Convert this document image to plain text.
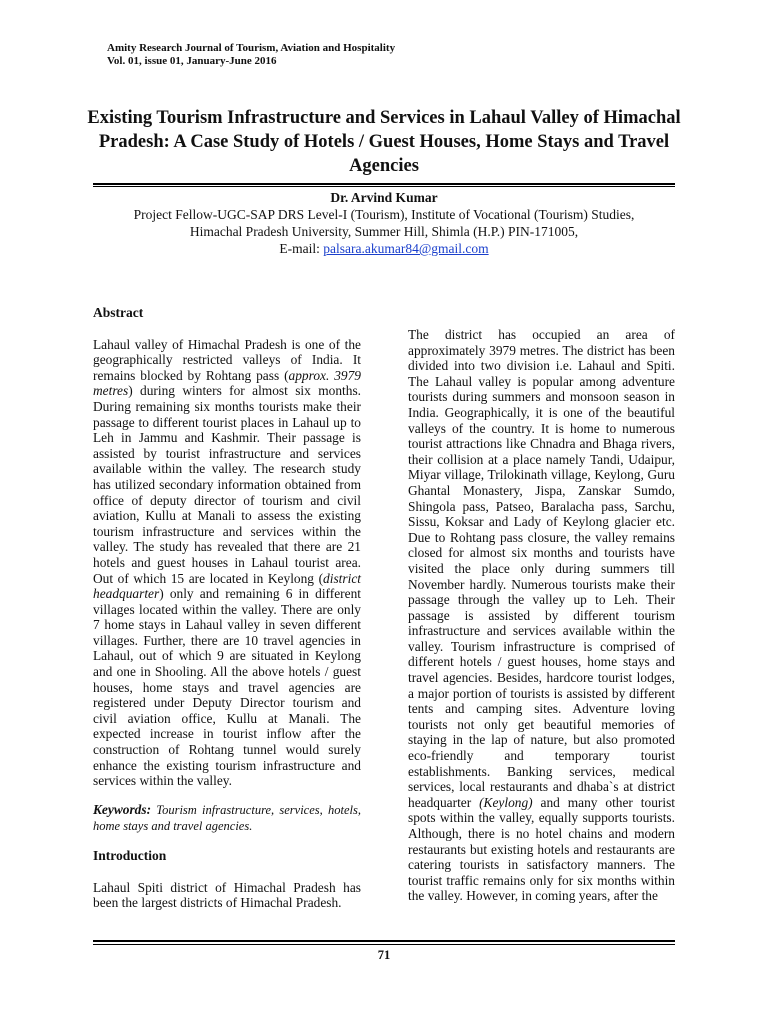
Amity Research Journal of Tourism, Aviation and Hospitality
Vol. 01, issue 01, January-June 2016
Existing Tourism Infrastructure and Services in Lahaul Valley of Himachal Pradesh: A Case Study of Hotels / Guest Houses, Home Stays and Travel Agencies
Dr. Arvind Kumar
Project Fellow-UGC-SAP DRS Level-I (Tourism), Institute of Vocational (Tourism) Studies,
Himachal Pradesh University, Summer Hill, Shimla (H.P.) PIN-171005,
E-mail: palsara.akumar84@gmail.com

Abstract

Lahaul valley of Himachal Pradesh is one of the geographically restricted valleys of India. It remains blocked by Rohtang pass (approx. 3979 metres) during winters for almost six months. During remaining six months tourists make their passage to different tourist places in Lahaul up to Leh in Jammu and Kashmir. Their passage is assisted by tourist infrastructure and services available within the valley. The research study has utilized secondary information obtained from office of deputy director of tourism and civil aviation, Kullu at Manali to assess the existing tourism infrastructure and services within the valley. The study has revealed that there are 21 hotels and guest houses in Lahaul tourist area. Out of which 15 are located in Keylong (district headquarter) only and remaining 6 in different villages located within the valley. There are only 7 home stays in Lahaul valley in seven different villages. Further, there are 10 travel agencies in Lahaul, out of which 9 are situated in Keylong and one in Shooling. All the above hotels / guest houses, home stays and travel agencies are registered under Deputy Director tourism and civil aviation office, Kullu at Manali. The expected increase in tourist inflow after the construction of Rohtang tunnel would surely enhance the existing tourism infrastructure and services within the valley.

Keywords: Tourism infrastructure, services, hotels, home stays and travel agencies.

Introduction

Lahaul Spiti district of Himachal Pradesh has been the largest districts of Himachal Pradesh.

The district has occupied an area of approximately 3979 metres. The district has been divided into two division i.e. Lahaul and Spiti. The Lahaul valley is popular among adventure tourists during summers and monsoon season in India. Geographically, it is one of the beautiful valleys of the country. It is home to numerous tourist attractions like Chnadra and Bhaga rivers, their collision at a place namely Tandi, Udaipur, Miyar village, Trilokinath village, Keylong, Guru Ghantal Monastery, Jispa, Zanskar Sumdo, Shingola pass, Patseo, Baralacha pass, Sarchu, Sissu, Koksar and Lady of Keylong glacier etc. Due to Rohtang pass closure, the valley remains closed for almost six months and tourists have visited the place only during summers till November hardly. Numerous tourists make their passage through the valley up to Leh. Their passage is assisted by different tourism infrastructure and services available within the valley. Tourism infrastructure is comprised of different hotels / guest houses, home stays and travel agencies. Besides, hardcore tourist lodges, a major portion of tourists is assisted by different tents and camping sites. Adventure loving tourists not only get beautiful memories of staying in the lap of nature, but also promoted eco-friendly and temporary tourist establishments. Banking services, medical services, local restaurants and dhaba`s at district headquarter (Keylong) and many other tourist spots within the valley, equally supports tourists. Although, there is no hotel chains and modern restaurants but existing hotels and restaurants are catering tourists in satisfactory manners. The tourist traffic remains only for six months within the valley. However, in coming years, after the

71
